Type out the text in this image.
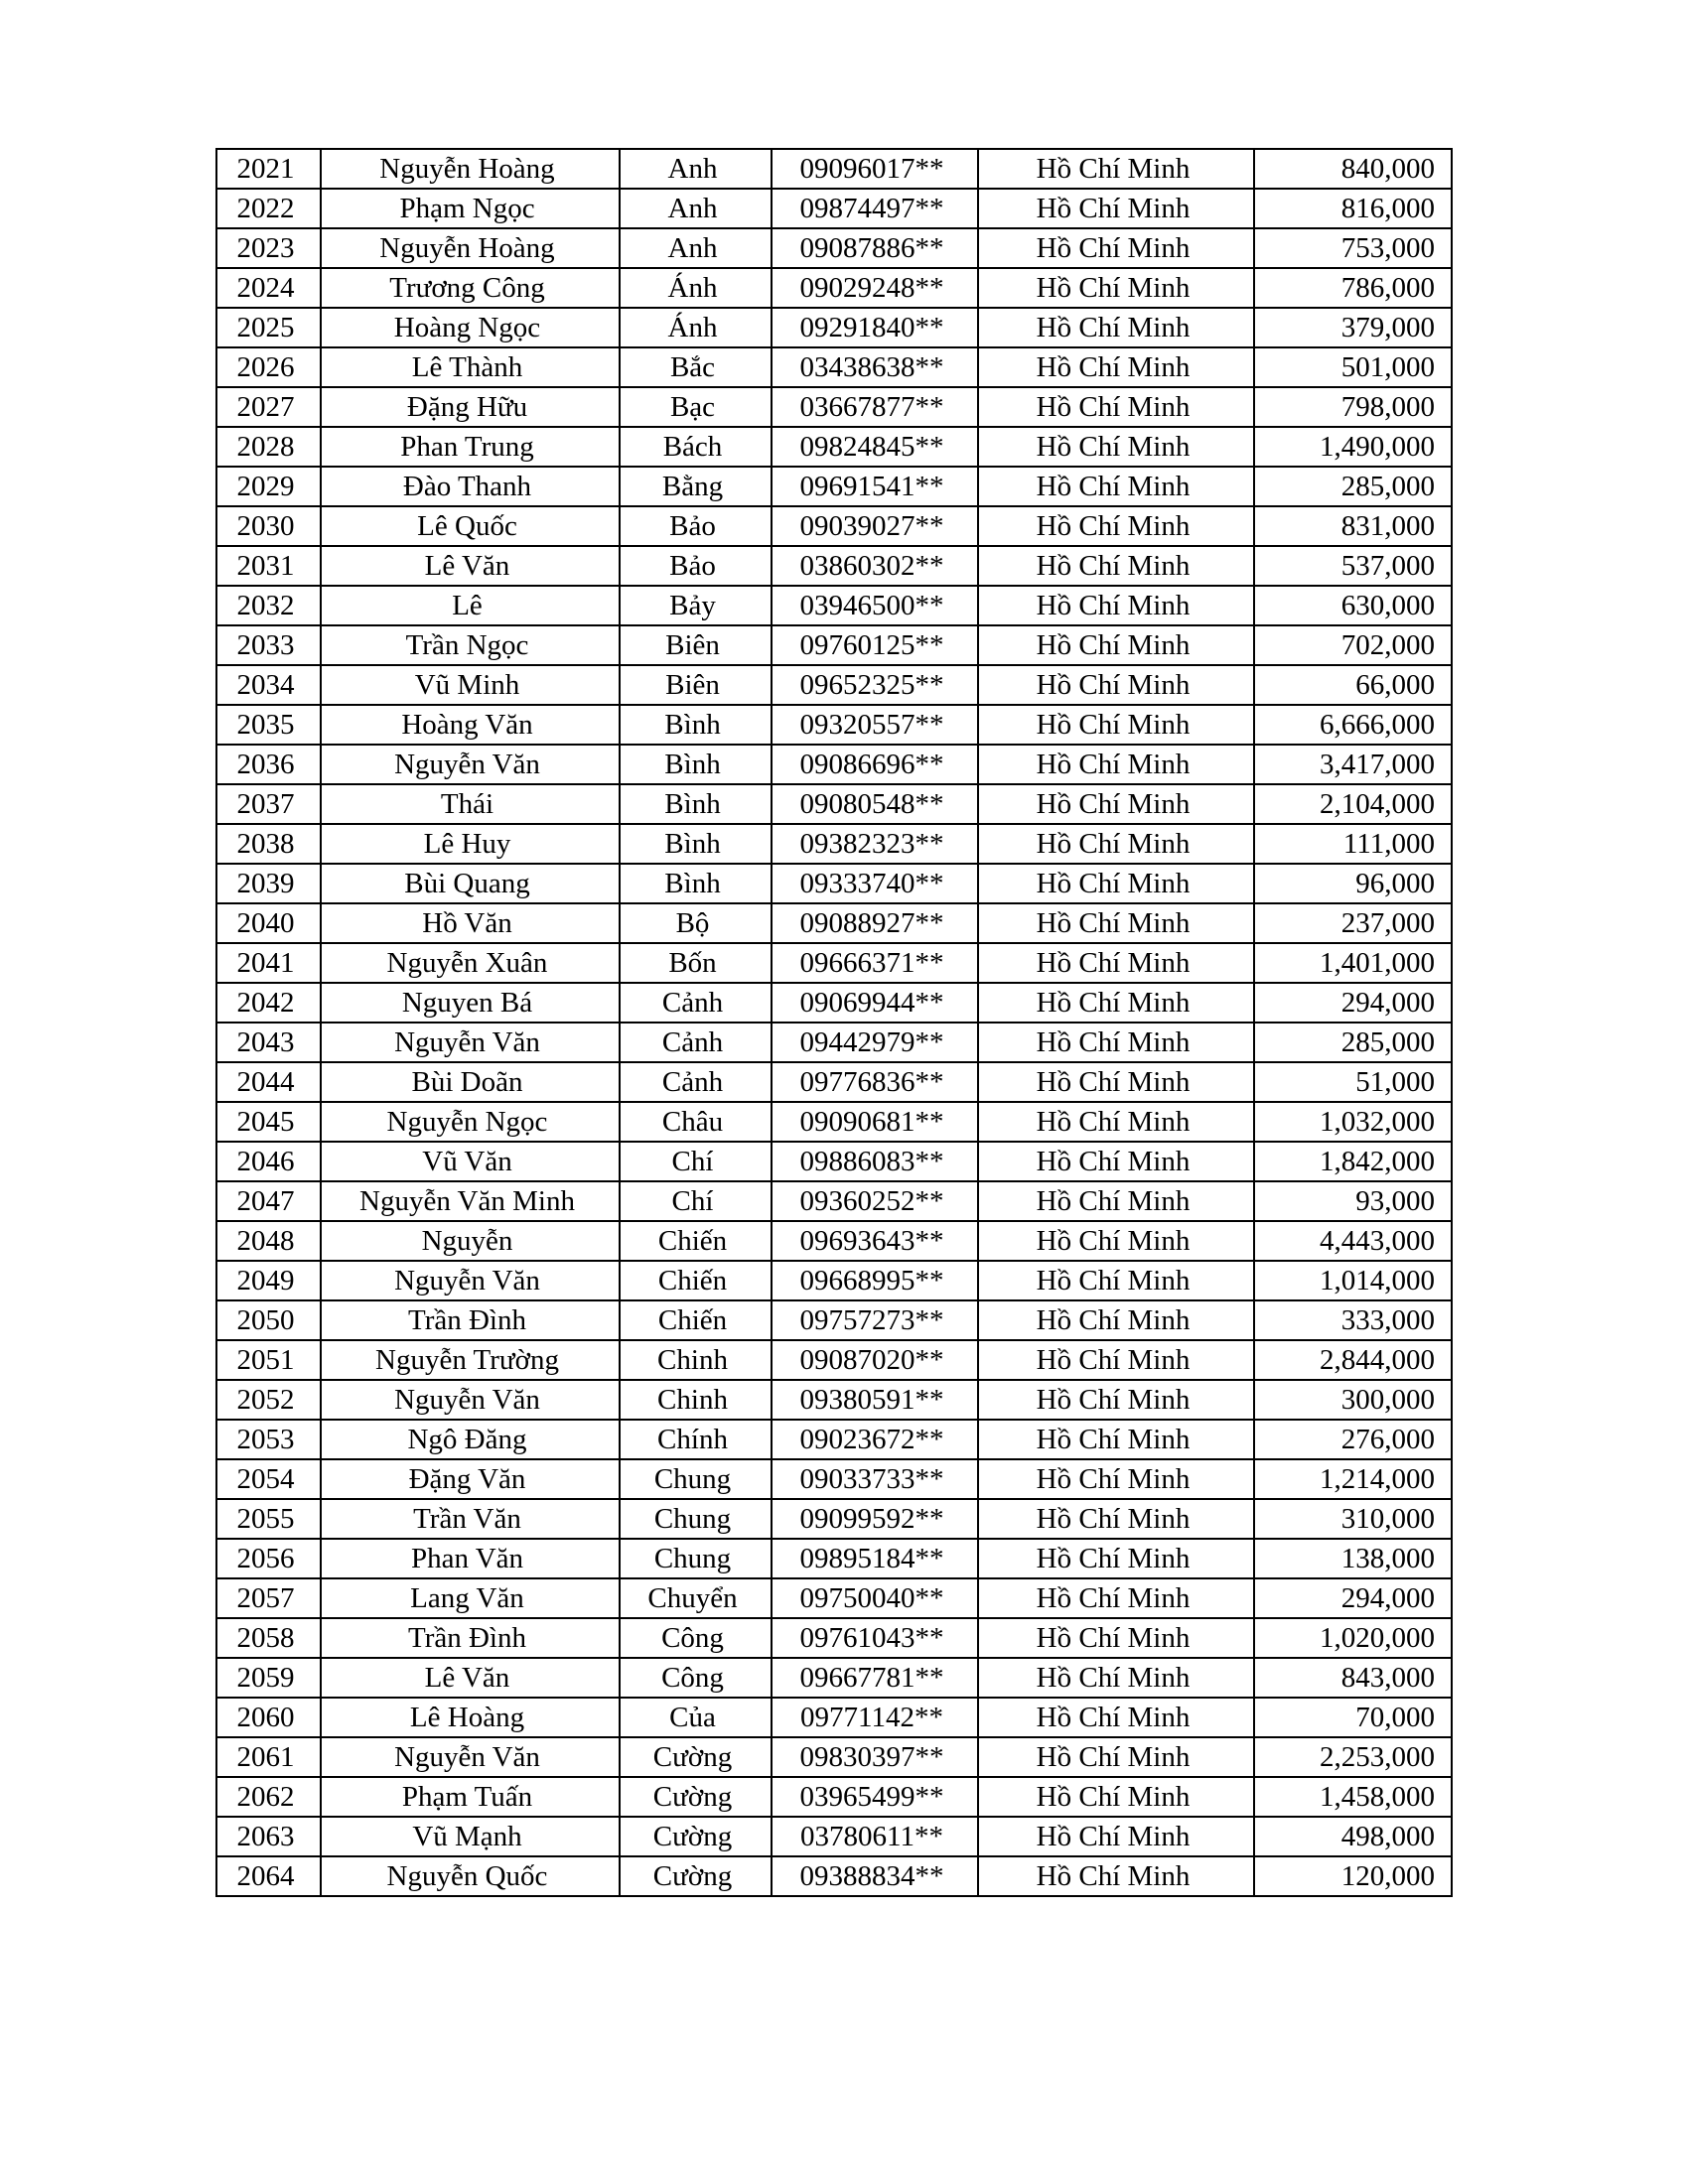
2021	Nguyễn Hoàng	Anh	09096017**	Hồ Chí Minh	840,000
2022	Phạm Ngọc	Anh	09874497**	Hồ Chí Minh	816,000
2023	Nguyễn Hoàng	Anh	09087886**	Hồ Chí Minh	753,000
2024	Trương Công	Ánh	09029248**	Hồ Chí Minh	786,000
2025	Hoàng Ngọc	Ánh	09291840**	Hồ Chí Minh	379,000
2026	Lê Thành	Bắc	03438638**	Hồ Chí Minh	501,000
2027	Đặng Hữu	Bạc	03667877**	Hồ Chí Minh	798,000
2028	Phan Trung	Bách	09824845**	Hồ Chí Minh	1,490,000
2029	Đào Thanh	Bằng	09691541**	Hồ Chí Minh	285,000
2030	Lê Quốc	Bảo	09039027**	Hồ Chí Minh	831,000
2031	Lê Văn	Bảo	03860302**	Hồ Chí Minh	537,000
2032	Lê	Bảy	03946500**	Hồ Chí Minh	630,000
2033	Trần Ngọc	Biên	09760125**	Hồ Chí Minh	702,000
2034	Vũ Minh	Biên	09652325**	Hồ Chí Minh	66,000
2035	Hoàng Văn	Bình	09320557**	Hồ Chí Minh	6,666,000
2036	Nguyễn Văn	Bình	09086696**	Hồ Chí Minh	3,417,000
2037	Thái	Bình	09080548**	Hồ Chí Minh	2,104,000
2038	Lê Huy	Bình	09382323**	Hồ Chí Minh	111,000
2039	Bùi Quang	Bình	09333740**	Hồ Chí Minh	96,000
2040	Hồ Văn	Bộ	09088927**	Hồ Chí Minh	237,000
2041	Nguyễn Xuân	Bốn	09666371**	Hồ Chí Minh	1,401,000
2042	Nguyen Bá	Cảnh	09069944**	Hồ Chí Minh	294,000
2043	Nguyễn Văn	Cảnh	09442979**	Hồ Chí Minh	285,000
2044	Bùi Doãn	Cảnh	09776836**	Hồ Chí Minh	51,000
2045	Nguyễn Ngọc	Châu	09090681**	Hồ Chí Minh	1,032,000
2046	Vũ Văn	Chí	09886083**	Hồ Chí Minh	1,842,000
2047	Nguyễn Văn Minh	Chí	09360252**	Hồ Chí Minh	93,000
2048	Nguyễn	Chiến	09693643**	Hồ Chí Minh	4,443,000
2049	Nguyễn Văn	Chiến	09668995**	Hồ Chí Minh	1,014,000
2050	Trần Đình	Chiến	09757273**	Hồ Chí Minh	333,000
2051	Nguyễn Trường	Chinh	09087020**	Hồ Chí Minh	2,844,000
2052	Nguyễn Văn	Chinh	09380591**	Hồ Chí Minh	300,000
2053	Ngô Đăng	Chính	09023672**	Hồ Chí Minh	276,000
2054	Đặng Văn	Chung	09033733**	Hồ Chí Minh	1,214,000
2055	Trần Văn	Chung	09099592**	Hồ Chí Minh	310,000
2056	Phan Văn	Chung	09895184**	Hồ Chí Minh	138,000
2057	Lang Văn	Chuyển	09750040**	Hồ Chí Minh	294,000
2058	Trần Đình	Công	09761043**	Hồ Chí Minh	1,020,000
2059	Lê Văn	Công	09667781**	Hồ Chí Minh	843,000
2060	Lê Hoàng	Của	09771142**	Hồ Chí Minh	70,000
2061	Nguyễn Văn	Cường	09830397**	Hồ Chí Minh	2,253,000
2062	Phạm Tuấn	Cường	03965499**	Hồ Chí Minh	1,458,000
2063	Vũ Mạnh	Cường	03780611**	Hồ Chí Minh	498,000
2064	Nguyễn Quốc	Cường	09388834**	Hồ Chí Minh	120,000
